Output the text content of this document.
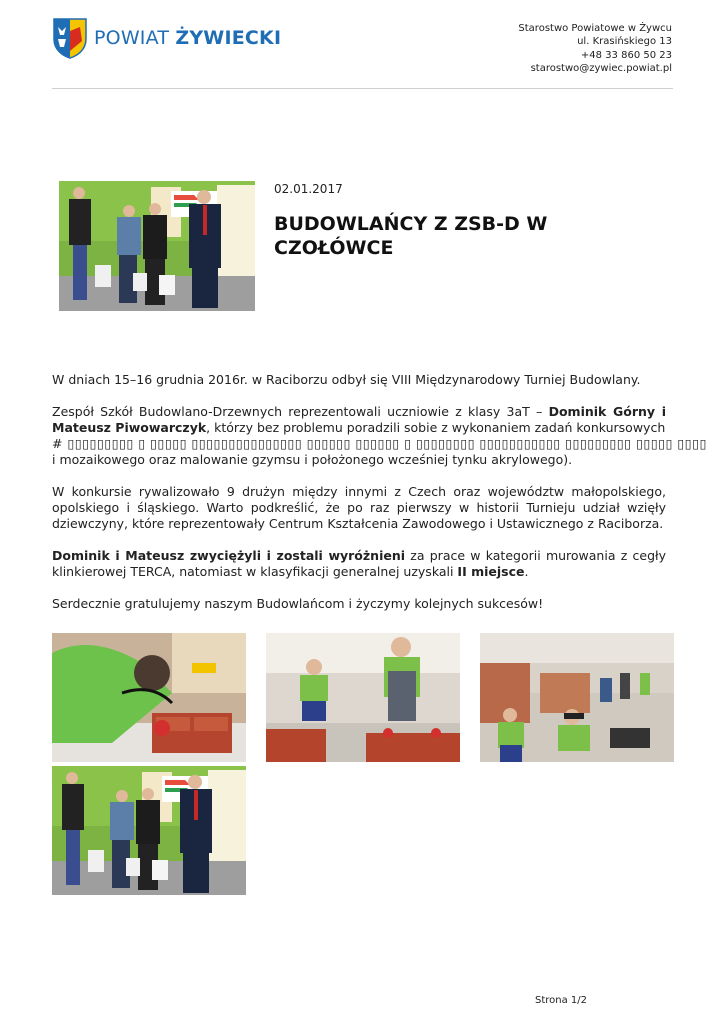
POWIAT ŻYWIECKI	Starostwo Powiatowe w Żywcu
ul. Krasińskiego 13
+48 33 860 50 23
starostwo@zywiec.powiat.pl
02.01.2017
BUDOWLAŃCY Z ZSB-D W CZOŁÓWCE

W dniach 15–16 grudnia 2016r. w Raciborzu odbył się VIII Międzynarodowy Turniej Budowlany.

Zespół Szkół Budowlano-Drzewnych reprezentowali uczniowie z klasy 3aT – Dominik Górny i Mateusz Piwowarczyk, którzy bez problemu poradzili sobie z wykonaniem zadań konkursowych
# ▯▯▯▯▯▯▯▯▯ ▯ ▯▯▯▯▯ ▯▯▯▯▯▯▯▯▯▯▯▯▯▯▯ ▯▯▯▯▯▯ ▯▯▯▯▯▯ ▯ ▯▯▯▯▯▯▯▯ ▯▯▯▯▯▯▯▯▯▯▯ ▯▯▯▯▯▯▯▯▯ ▯▯▯▯▯ ▯▯▯▯
i mozaikowego oraz malowanie gzymsu i położonego wcześniej tynku akrylowego).

W konkursie rywalizowało 9 drużyn między innymi z Czech oraz województw małopolskiego, opolskiego i śląskiego. Warto podkreślić, że po raz pierwszy w historii Turnieju udział wzięły dziewczyny, które reprezentowały Centrum Kształcenia Zawodowego i Ustawicznego z Raciborza.

Dominik i Mateusz zwyciężyli i zostali wyróżnieni za prace w kategorii murowania z cegły klinkierowej TERCA, natomiast w klasyfikacji generalnej uzyskali II miejsce.

Serdecznie gratulujemy naszym Budowlańcom i życzymy kolejnych sukcesów!

Strona 1/2
